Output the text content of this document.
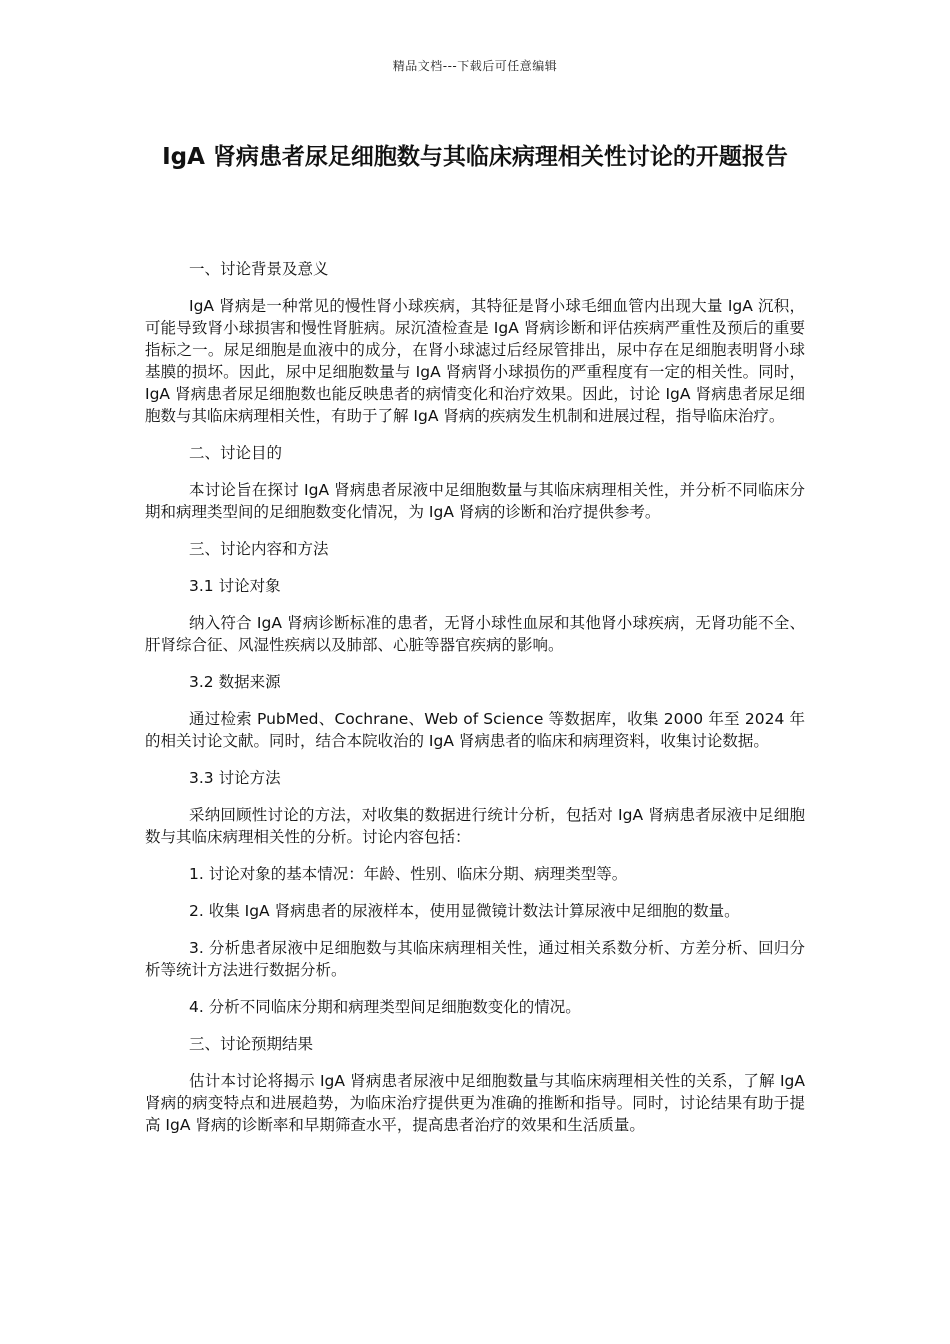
精品文档---下载后可任意编辑
IgA 肾病患者尿足细胞数与其临床病理相关性讨论的开题报告

一、讨论背景及意义

IgA 肾病是一种常见的慢性肾小球疾病，其特征是肾小球毛细血管内出现大量 IgA 沉积，可能导致肾小球损害和慢性肾脏病。尿沉渣检查是 IgA 肾病诊断和评估疾病严重性及预后的重要指标之一。尿足细胞是血液中的成分，在肾小球滤过后经尿管排出，尿中存在足细胞表明肾小球基膜的损坏。因此，尿中足细胞数量与 IgA 肾病肾小球损伤的严重程度有一定的相关性。同时，IgA 肾病患者尿足细胞数也能反映患者的病情变化和治疗效果。因此，讨论 IgA 肾病患者尿足细胞数与其临床病理相关性，有助于了解 IgA 肾病的疾病发生机制和进展过程，指导临床治疗。

二、讨论目的

本讨论旨在探讨 IgA 肾病患者尿液中足细胞数量与其临床病理相关性，并分析不同临床分期和病理类型间的足细胞数变化情况，为 IgA 肾病的诊断和治疗提供参考。

三、讨论内容和方法

3.1 讨论对象

纳入符合 IgA 肾病诊断标准的患者，无肾小球性血尿和其他肾小球疾病，无肾功能不全、肝肾综合征、风湿性疾病以及肺部、心脏等器官疾病的影响。

3.2 数据来源

通过检索 PubMed、Cochrane、Web of Science 等数据库，收集 2000 年至 2024 年的相关讨论文献。同时，结合本院收治的 IgA 肾病患者的临床和病理资料，收集讨论数据。

3.3 讨论方法

采纳回顾性讨论的方法，对收集的数据进行统计分析，包括对 IgA 肾病患者尿液中足细胞数与其临床病理相关性的分析。讨论内容包括：

1. 讨论对象的基本情况：年龄、性别、临床分期、病理类型等。

2. 收集 IgA 肾病患者的尿液样本，使用显微镜计数法计算尿液中足细胞的数量。

3. 分析患者尿液中足细胞数与其临床病理相关性，通过相关系数分析、方差分析、回归分析等统计方法进行数据分析。

4. 分析不同临床分期和病理类型间足细胞数变化的情况。

三、讨论预期结果

估计本讨论将揭示 IgA 肾病患者尿液中足细胞数量与其临床病理相关性的关系，了解 IgA 肾病的病变特点和进展趋势，为临床治疗提供更为准确的推断和指导。同时，讨论结果有助于提高 IgA 肾病的诊断率和早期筛查水平，提高患者治疗的效果和生活质量。
